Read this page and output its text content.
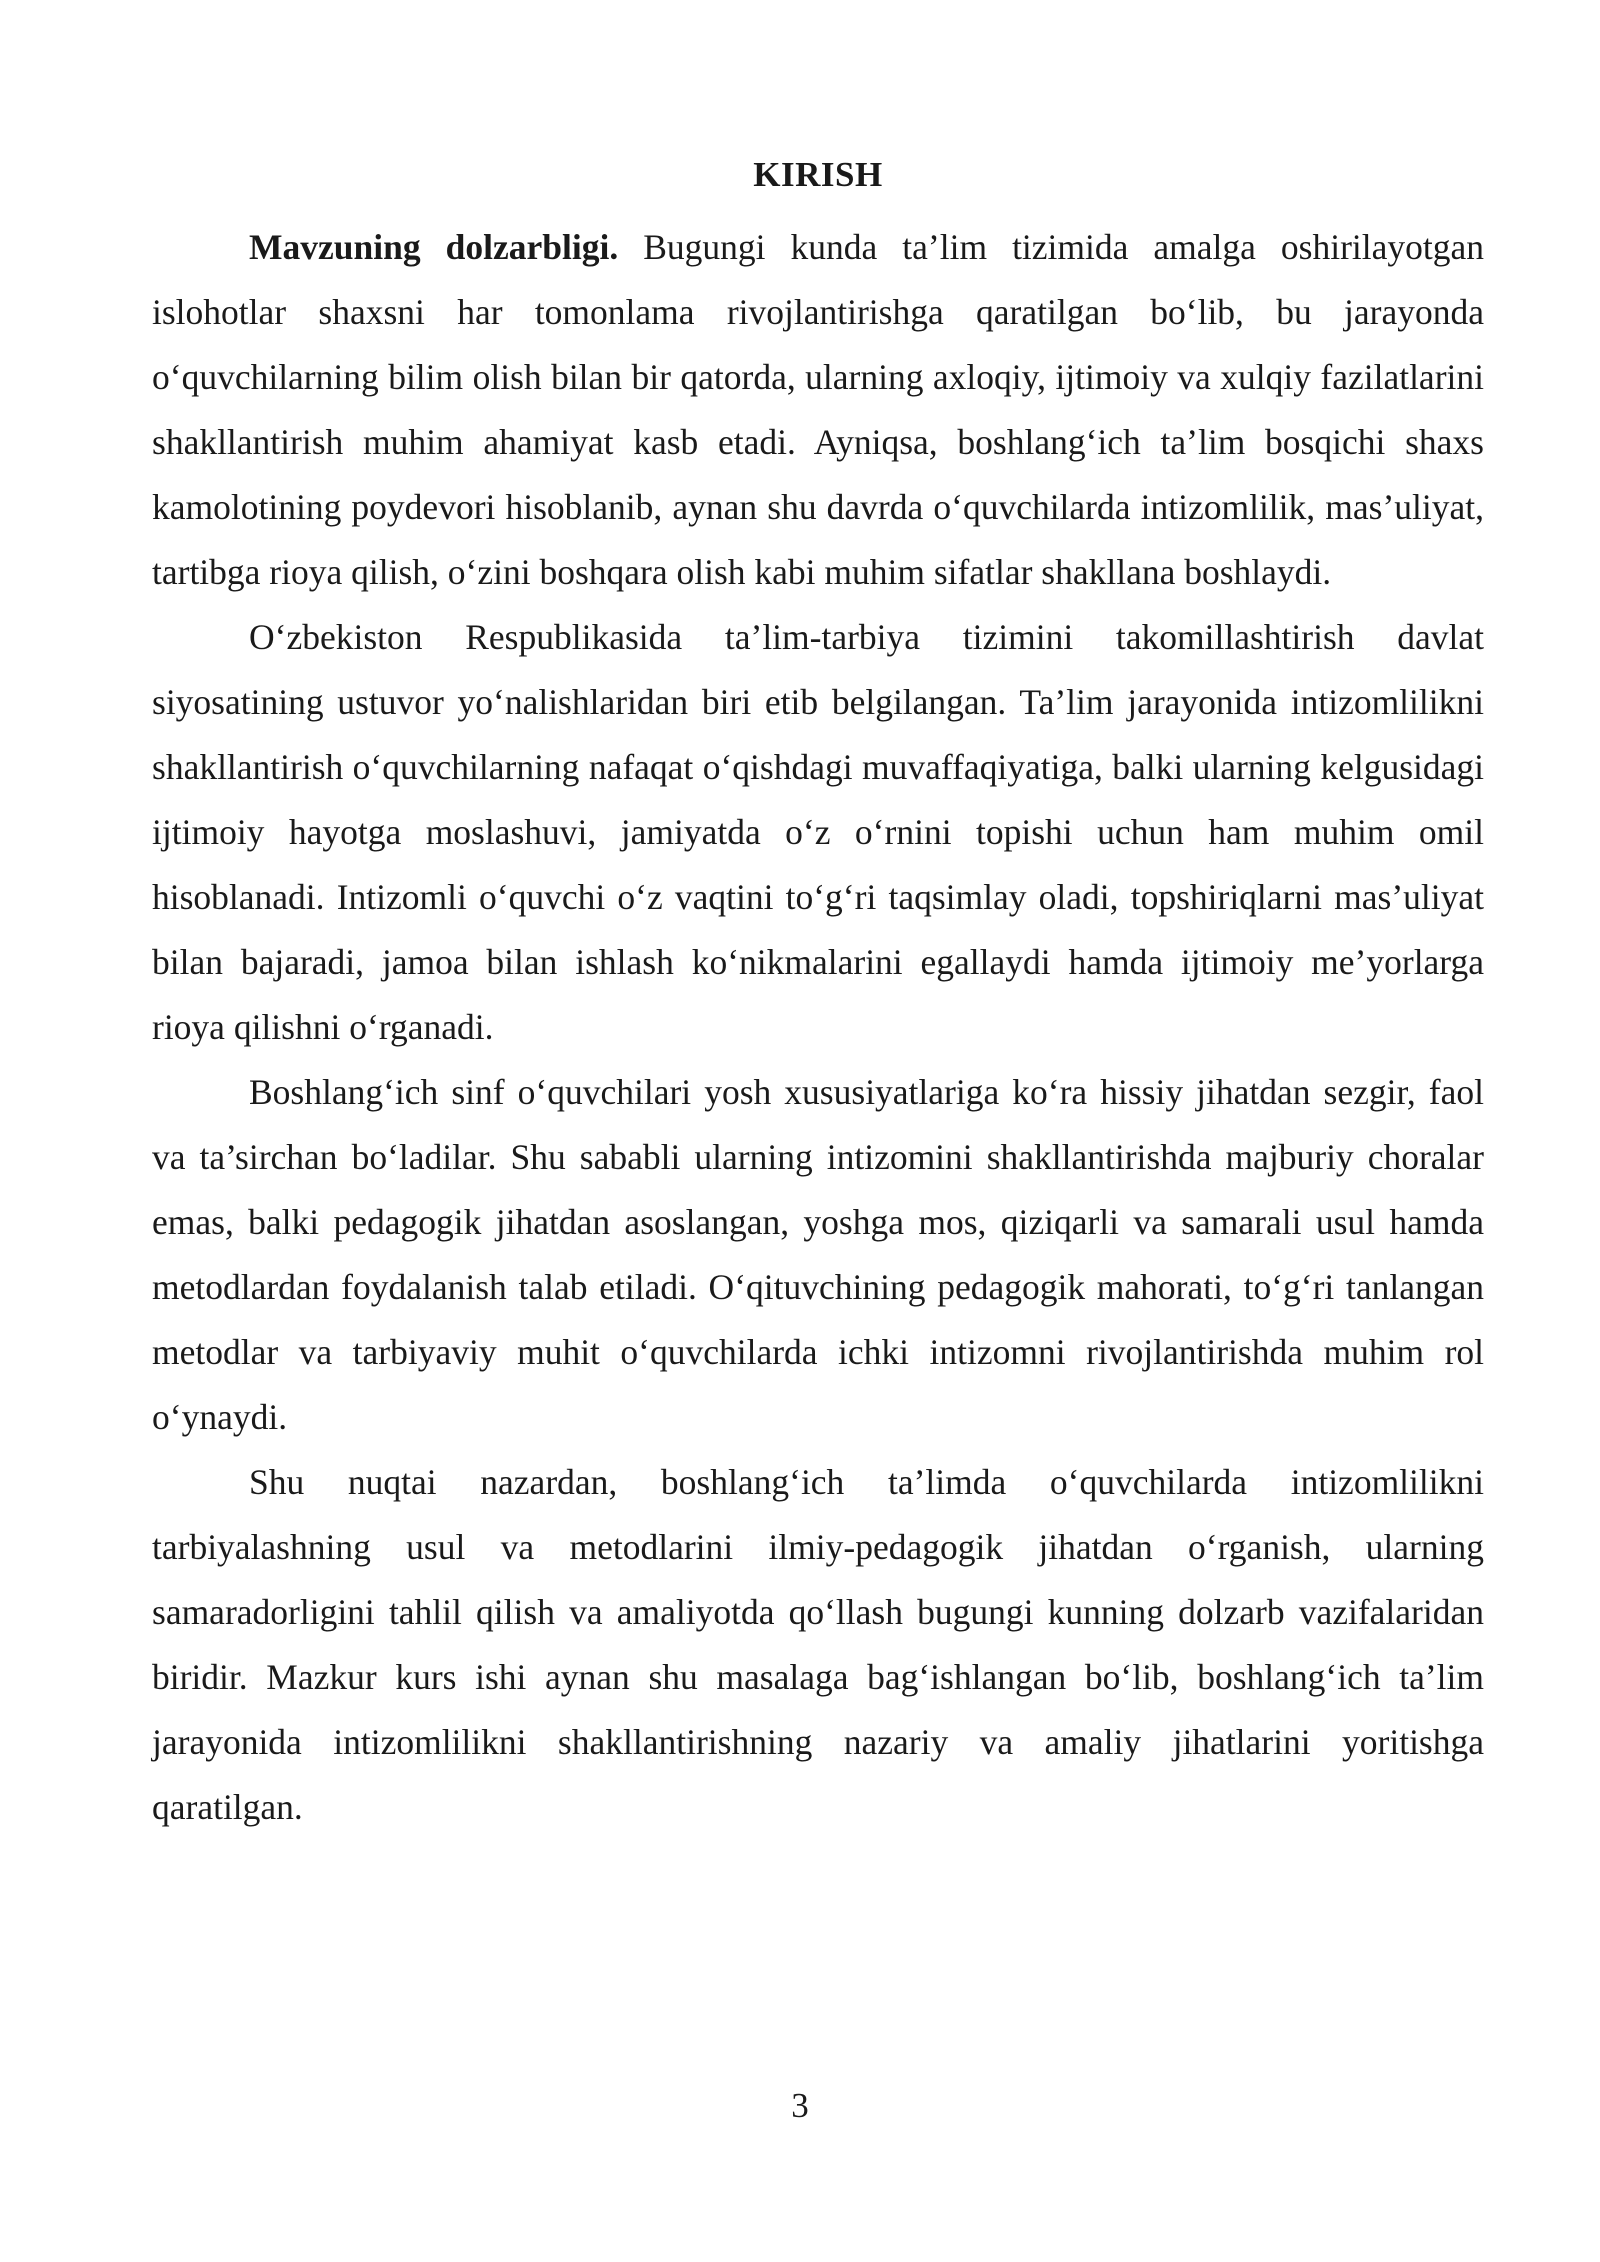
KIRISH

Mavzuning dolzarbligi. Bugungi kunda ta’lim tizimida amalga oshirilayotgan islohotlar shaxsni har tomonlama rivojlantirishga qaratilgan bo‘lib, bu jarayonda o‘quvchilarning bilim olish bilan bir qatorda, ularning axloqiy, ijtimoiy va xulqiy fazilatlarini shakllantirish muhim ahamiyat kasb etadi. Ayniqsa, boshlang‘ich ta’lim bosqichi shaxs kamolotining poydevori hisoblanib, aynan shu davrda o‘quvchilarda intizomlilik, mas’uliyat, tartibga rioya qilish, o‘zini boshqara olish kabi muhim sifatlar shakllana boshlaydi.

O‘zbekiston Respublikasida ta’lim-tarbiya tizimini takomillashtirish davlat siyosatining ustuvor yo‘nalishlaridan biri etib belgilangan. Ta’lim jarayonida intizomlilikni shakllantirish o‘quvchilarning nafaqat o‘qishdagi muvaffaqiyatiga, balki ularning kelgusidagi ijtimoiy hayotga moslashuvi, jamiyatda o‘z o‘rnini topishi uchun ham muhim omil hisoblanadi. Intizomli o‘quvchi o‘z vaqtini to‘g‘ri taqsimlay oladi, topshiriqlarni mas’uliyat bilan bajaradi, jamoa bilan ishlash ko‘nikmalarini egallaydi hamda ijtimoiy me’yorlarga rioya qilishni o‘rganadi.

Boshlang‘ich sinf o‘quvchilari yosh xususiyatlariga ko‘ra hissiy jihatdan sezgir, faol va ta’sirchan bo‘ladilar. Shu sababli ularning intizomini shakllantirishda majburiy choralar emas, balki pedagogik jihatdan asoslangan, yoshga mos, qiziqarli va samarali usul hamda metodlardan foydalanish talab etiladi. O‘qituvchining pedagogik mahorati, to‘g‘ri tanlangan metodlar va tarbiyaviy muhit o‘quvchilarda ichki intizomni rivojlantirishda muhim rol o‘ynaydi.

Shu nuqtai nazardan, boshlang‘ich ta’limda o‘quvchilarda intizomlilikni tarbiyalashning usul va metodlarini ilmiy-pedagogik jihatdan o‘rganish, ularning samaradorligini tahlil qilish va amaliyotda qo‘llash bugungi kunning dolzarb vazifalaridan biridir. Mazkur kurs ishi aynan shu masalaga bag‘ishlangan bo‘lib, boshlang‘ich ta’lim jarayonida intizomlilikni shakllantirishning nazariy va amaliy jihatlarini yoritishga qaratilgan.

3
